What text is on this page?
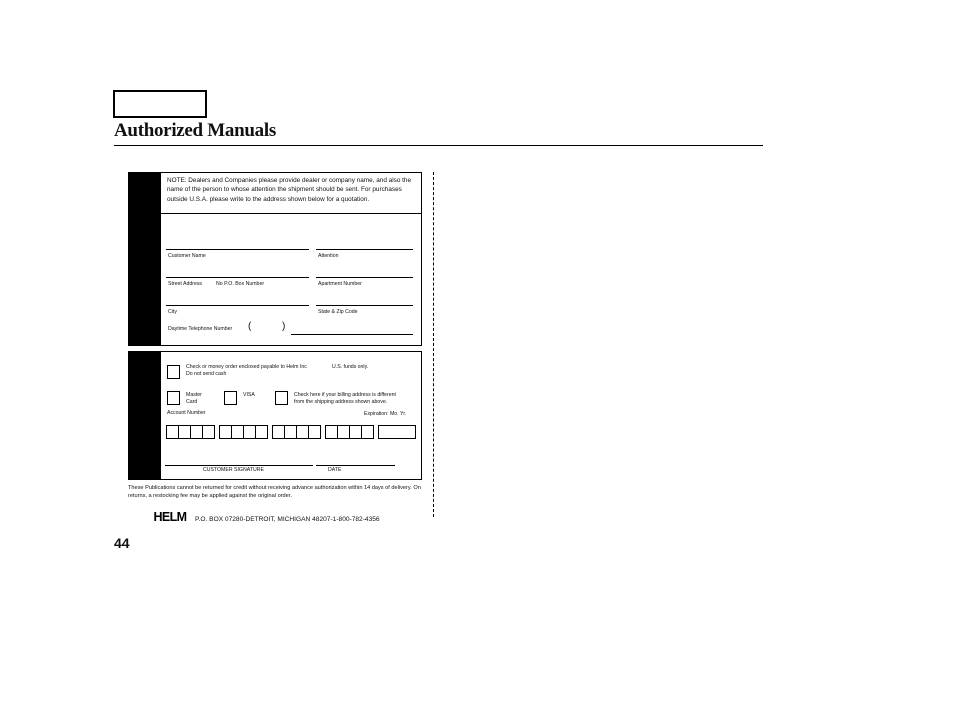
Authorized Manuals
NOTE: Dealers and Companies please provide dealer or company name, and also the name of the person to whose attention the shipment should be sent. For purchases outside U.S.A. please write to the address shown below for a quotation.
Customer Name	Attention
Street Address	No P.O. Box Number	Apartment Number
City	State & Zip Code
Daytime Telephone Number (	)
Check or money order enclosed payable to Helm Inc	U.S. funds only.
Do not send cash
Master
Card
VISA	Check here if your billing address is different
from the shipping address shown above.
Account Number	Expiration: Mo. Yr.
CUSTOMER SIGNATURE	DATE
These Publications cannot be returned for credit without receiving advance authorization within 14 days of delivery. On returns, a restocking fee may be applied against the original order.
HELM P.O. BOX 07280-DETROIT, MICHIGAN 48207-1-800-782-4356
44
